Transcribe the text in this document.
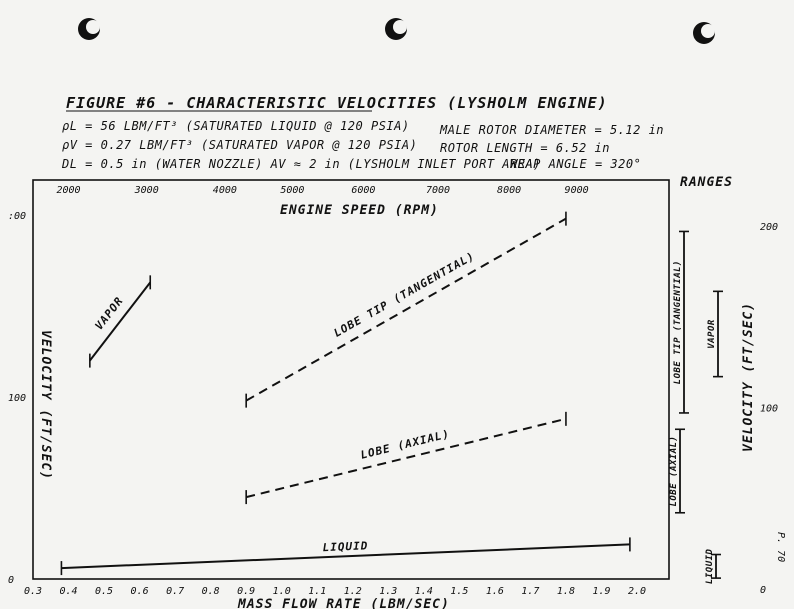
FIGURE #6 - CHARACTERISTIC VELOCITIES (LYSHOLM ENGINE)
ρL = 56 LBM/FT³ (SATURATED LIQUID @ 120 PSIA)	MALE ROTOR DIAMETER = 5.12 in
ρV = 0.27 LBM/FT³ (SATURATED VAPOR @ 120 PSIA) ROTOR LENGTH = 6.52 in
DL = 0.5 in (WATER NOZZLE) AV ≈ 2 in (LYSHOLM INLET PORT AREA)
WRAP ANGLE = 320°
ENGINE SPEED (RPM)
MASS FLOW RATE (LBM/SEC)
VELOCITY (FT/SEC)
0.3 0.4 0.5 0.6 0.7 0.8 0.9 1.0 1.1 1.2 1.3 1.4 1.5 1.6 1.7 1.8 1.9 2.0
2000	3000	4000	5000	6000	7000	8000	9000
0
100
:00
VAPOR	LOBE TIP (TANGENTIAL)
LOBE (AXIAL)
LIQUID
RANGES
VELOCITY (FT/SEC)
200
100
0
LOBE TIP (TANGENTIAL)	VAPOR
LOBE (AXIAL)
LIQUID
P. 70
